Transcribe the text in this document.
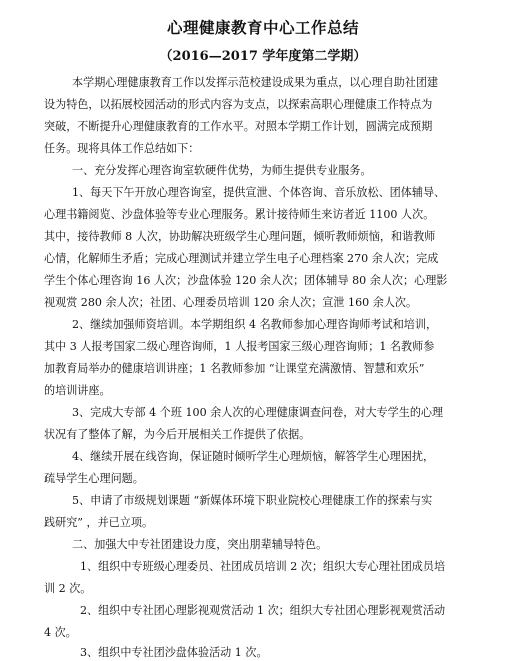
心理健康教育中心工作总结
（2016—2017 学年度第二学期）
本学期心理健康教育工作以发挥示范校建设成果为重点，以心理自助社团建
设为特色，以拓展校园活动的形式内容为支点，以探索高职心理健康工作特点为
突破，不断提升心理健康教育的工作水平。对照本学期工作计划，圆满完成预期
任务。现将具体工作总结如下：
一、充分发挥心理咨询室软硬件优势，为师生提供专业服务。
1、每天下午开放心理咨询室，提供宣泄、个体咨询、音乐放松、团体辅导、
心理书籍阅览、沙盘体验等专业心理服务。累计接待师生来访者近 1100 人次。
其中，接待教师 8 人次，协助解决班级学生心理问题，倾听教师烦恼，和谐教师
心情，化解师生矛盾；完成心理测试并建立学生电子心理档案 270 余人次；完成
学生个体心理咨询 16 人次；沙盘体验 120 余人次；团体辅导 80 余人次；心理影
视观赏 280 余人次；社团、心理委员培训 120 余人次；宣泄 160 余人次。
2、继续加强师资培训。本学期组织 4 名教师参加心理咨询师考试和培训，
其中 3 人报考国家二级心理咨询师，1 人报考国家三级心理咨询师；1 名教师参
加教育局举办的健康培训讲座；1 名教师参加 “让课堂充满激情、智慧和欢乐”
的培训讲座。
3、完成大专部 4 个班 100 余人次的心理健康调查问卷，对大专学生的心理
状况有了整体了解，为今后开展相关工作提供了依据。
4、继续开展在线咨询，保证随时倾听学生心理烦恼，解答学生心理困扰，
疏导学生心理问题。
5、申请了市级规划课题 “新媒体环境下职业院校心理健康工作的探索与实
践研究” ，并已立项。
二、加强大中专社团建设力度，突出朋辈辅导特色。
1、组织中专班级心理委员、社团成员培训 2 次；组织大专心理社团成员培
训 2 次。
2、组织中专社团心理影视观赏活动 1 次；组织大专社团心理影视观赏活动
4 次。
3、组织中专社团沙盘体验活动 1 次。
